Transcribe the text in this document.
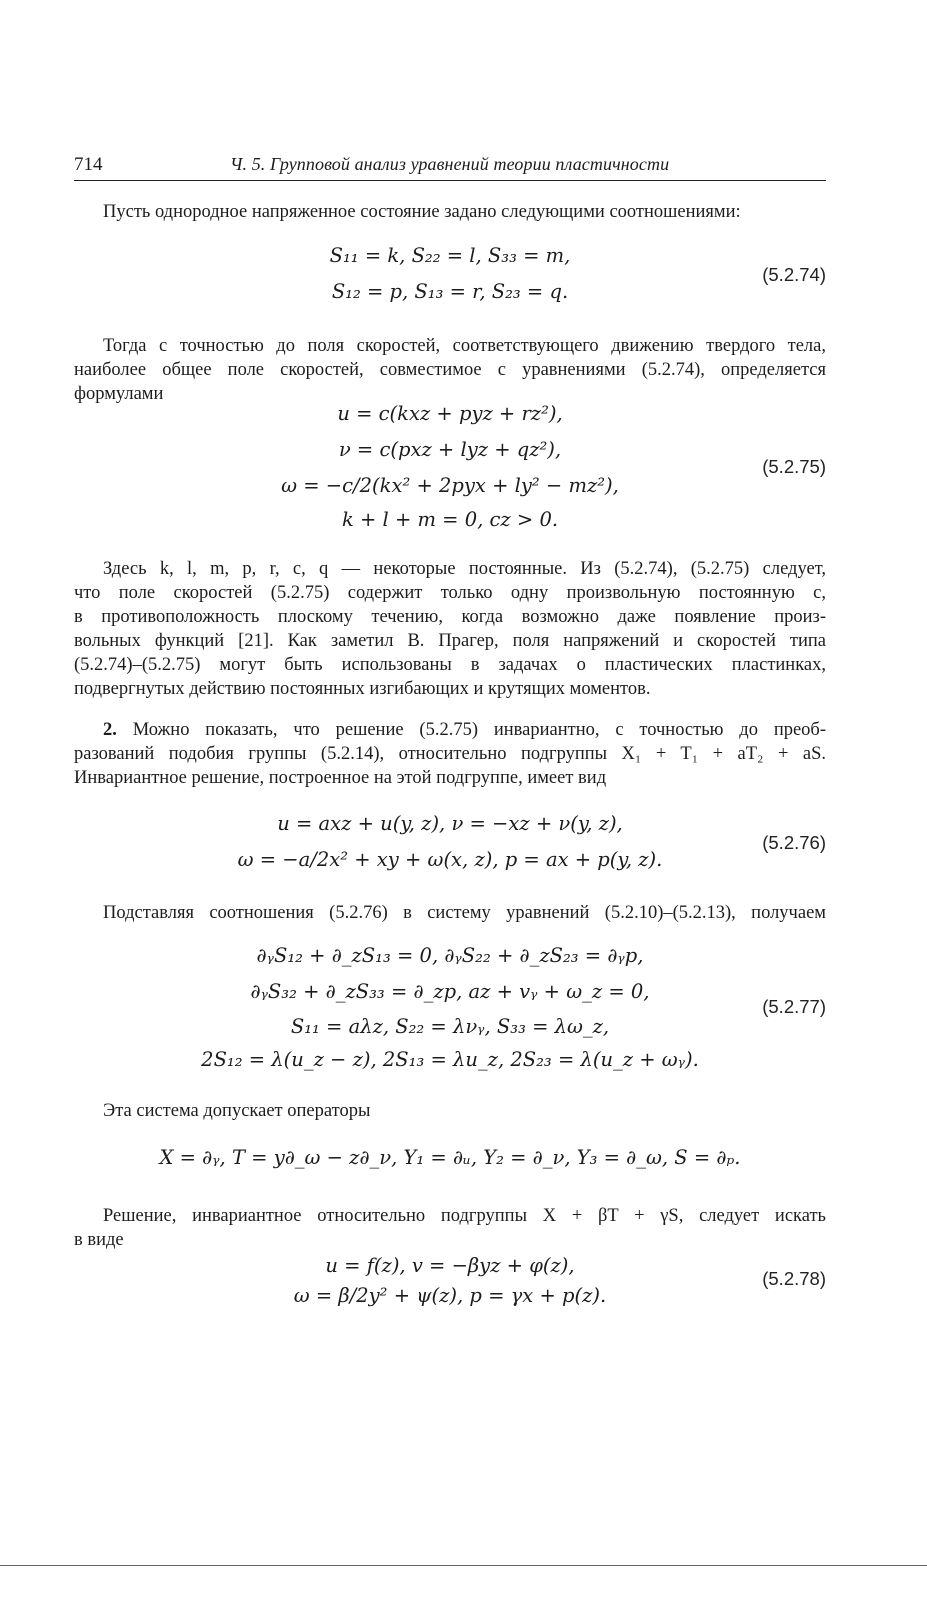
714	Ч. 5. Групповой анализ уравнений теории пластичности
Пусть однородное напряженное состояние задано следующими соотношениями:
S₁₁ = k, S₂₂ = l, S₃₃ = m,
S₁₂ = p, S₁₃ = r, S₂₃ = q.
(5.2.74)
Тогда с точностью до поля скоростей, соответствующего движению твердого тела,
наиболее общее поле скоростей, совместимое с уравнениями (5.2.74), определяется
формулами
u = c(kxz + pyz + rz²),
ν = c(pxz + lyz + qz²),
ω = −c/2(kx² + 2pyx + ly² − mz²),
k + l + m = 0, cz > 0.
(5.2.75)
Здесь k, l, m, p, r, c, q — некоторые постоянные. Из (5.2.74), (5.2.75) следует,
что поле скоростей (5.2.75) содержит только одну произвольную постоянную c,
в противоположность плоскому течению, когда возможно даже появление произ-
вольных функций [21]. Как заметил В. Прагер, поля напряжений и скоростей типа
(5.2.74)–(5.2.75) могут быть использованы в задачах о пластических пластинках,
подвергнутых действию постоянных изгибающих и крутящих моментов.
2. Можно показать, что решение (5.2.75) инвариантно, с точностью до преоб-
разований подобия группы (5.2.14), относительно подгруппы X₁ + T₁ + aT₂ + aS.
Инвариантное решение, построенное на этой подгруппе, имеет вид
u = axz + u(y, z), ν = −xz + ν(y, z),
ω = −a/2x² + xy + ω(x, z), p = ax + p(y, z).
(5.2.76)
Подставляя соотношения (5.2.76) в систему уравнений (5.2.10)–(5.2.13), получаем
∂ᵧS₁₂ + ∂_zS₁₃ = 0, ∂ᵧS₂₂ + ∂_zS₂₃ = ∂ᵧp,
∂ᵧS₃₂ + ∂_zS₃₃ = ∂_zp, az + vᵧ + ω_z = 0,
S₁₁ = aλz, S₂₂ = λνᵧ, S₃₃ = λω_z,
2S₁₂ = λ(u_z − z), 2S₁₃ = λu_z, 2S₂₃ = λ(u_z + ωᵧ).
(5.2.77)
Эта система допускает операторы
X = ∂ᵧ, T = y∂_ω − z∂_ν, Y₁ = ∂ᵤ, Y₂ = ∂_ν, Y₃ = ∂_ω, S = ∂ₚ.
Решение, инвариантное относительно подгруппы X + βT + γS, следует искать
в виде
u = f(z), v = −βyz + φ(z),
ω = β/2y² + ψ(z), p = γx + p(z).
(5.2.78)
